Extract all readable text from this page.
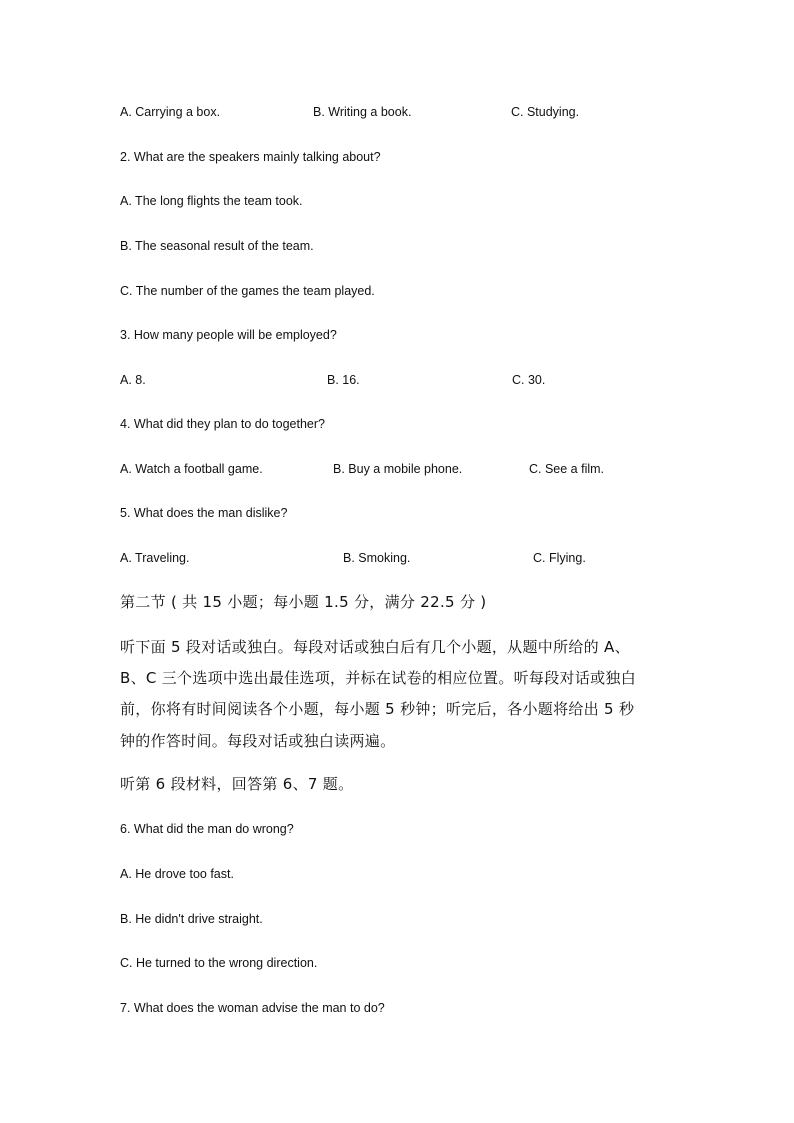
A. Carrying a box.	B. Writing a book.	C. Studying.
2. What are the speakers mainly talking about?
A. The long flights the team took.
B. The seasonal result of the team.
C. The number of the games the team played.
3. How many people will be employed?
A. 8.	B. 16.	C. 30.
4. What did they plan to do together?
A. Watch a football game.	B. Buy a mobile phone.	C. See a film.
5. What does the man dislike?
A. Traveling.	B. Smoking.	C. Flying.
第二节 ( 共 15 小题；每小题 1.5 分，满分 22.5 分 )
听下面 5 段对话或独白。每段对话或独白后有几个小题，从题中所给的 A、
B、C 三个选项中选出最佳选项，并标在试卷的相应位置。听每段对话或独白
前，你将有时间阅读各个小题，每小题 5 秒钟；听完后，各小题将给出 5 秒
钟的作答时间。每段对话或独白读两遍。
听第 6 段材料，回答第 6、7 题。
6. What did the man do wrong?
A. He drove too fast.
B. He didn't drive straight.
C. He turned to the wrong direction.
7. What does the woman advise the man to do?
